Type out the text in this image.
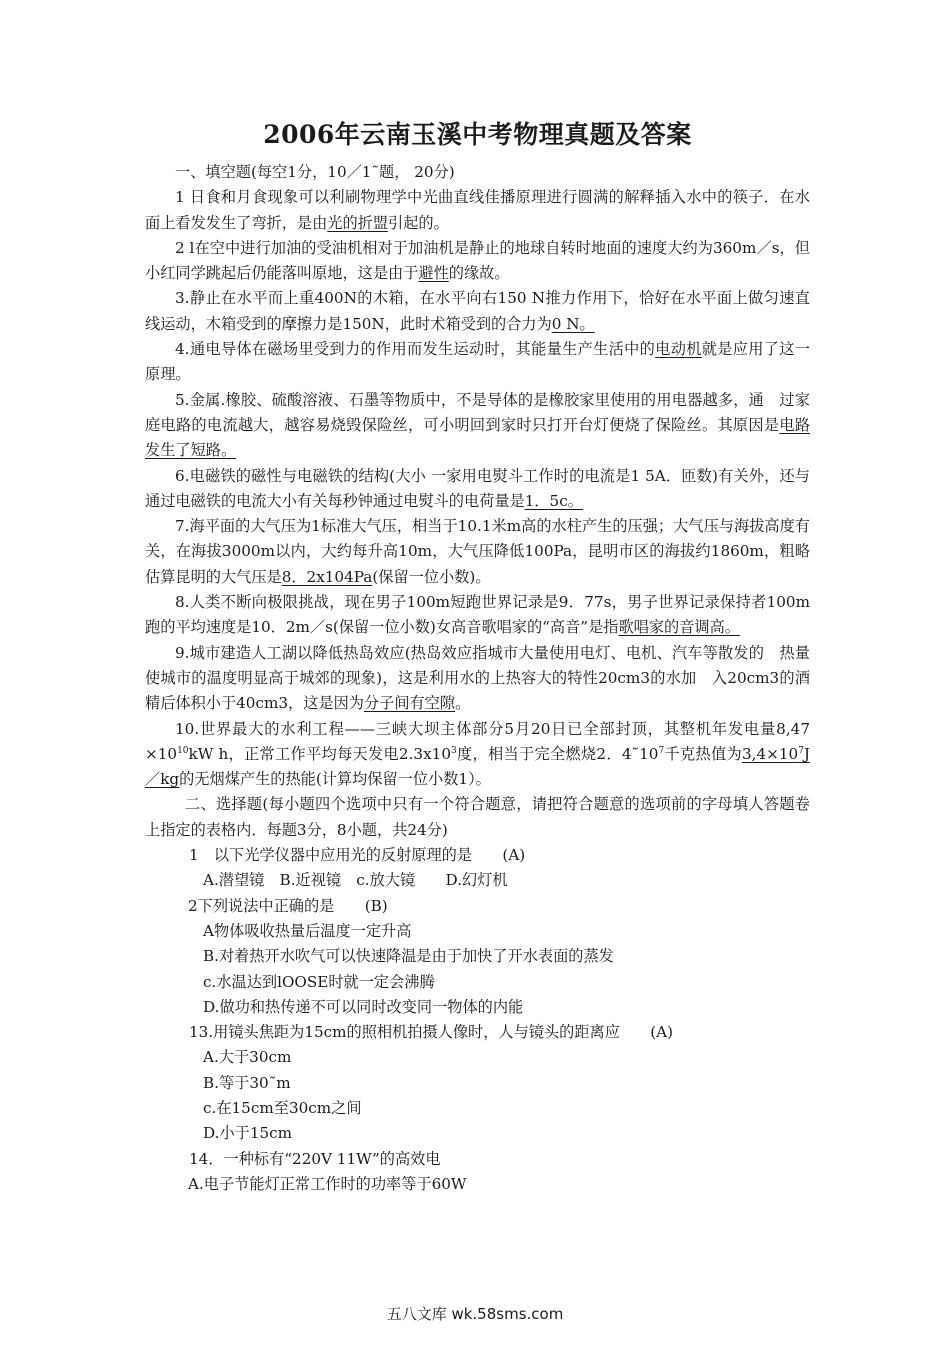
2006年云南玉溪中考物理真题及答案

一、填空题(每空1分，10／1˜题， 20分)

1 日食和月食现象可以利刷物理学中光曲直线佳播原理进行圆满的解释插入水中的筷子．在水面上看发发生了弯折，是由光的折盟引起的。

2 l在空中进行加油的受油机相对于加油机是静止的地球自转时地面的速度大约为360m／s，但小红同学跳起后仍能落叫原地，这是由于避性的缘故。

3.静止在水平而上重400N的木箱，在水平向右150 N推力作用下，恰好在水平面上做匀速直线运动，木箱受到的摩擦力是150N，此时术箱受到的合力为0 N。

4.通电导体在磁场里受到力的作用而发生运动时，其能量生产生活中的电动机就是应用了这一原理。

5.金属.橡胶、硫酸溶液、石墨等物质中，不是导体的是橡胶家里使用的用电器越多，通　过家庭电路的电流越大，越容易烧毁保险丝，可小明回到家时只打开台灯便烧了保险丝。其原因是电路发生了短路。

6.电磁铁的磁性与电磁铁的结构(大小 一家用电熨斗工作时的电流是1 5A．匝数)有关外，还与通过电磁铁的电流大小有关每秒钟通过电熨斗的电荷量是1．5c。

7.海平面的大气压为1标准大气压，相当于10.1米m高的水柱产生的压强；大气压与海拔高度有关，在海拔3000m以内，大约每升高10m，大气压降低100Pa，昆明市区的海拔约1860m，粗略估算昆明的大气压是8．2x104Pa(保留一位小数)。

8.人类不断向极限挑战，现在男子100m短跑世界记录是9．77s，男子世界记录保持者100m 跑的平均速度是10．2m／s(保留一位小数)女高音歌唱家的“高音”是指歌唱家的音调高。

9.城市建造人工湖以降低热岛效应(热岛效应指城市大量使用电灯、电机、汽车等散发的　热量使城市的温度明显高于城郊的现象)，这是利用水的上热容大的特性20cm3的水加　入20cm3的酒精后体积小于40cm3，这是因为分子间有空隙。

10.世界最大的水利工程——三峡大坝主体部分5月20日已全部封顶，其整机年发电量$8,47 \times 10^{10}kW$ h，正常工作平均每天发电$2.3x10^3$度，相当于完全燃烧2．$4˜10^7$千克热值为$3,4\times 10^7J/kg$的无烟煤产生的热能(计算均保留一位小数1）。

二、选择题(每小题四个选项中只有一个符合题意，请把符合题意的选项前的字母填人答题卷上指定的表格内．每题3分，8小题，共24分)

1　以下光学仪器中应用光的反射原理的是　　(A)

A.潜望镜　B.近视镜　c.放大镜　　D.幻灯机

2下列说法中正确的是　　(B)

A物体吸收热量后温度一定升高

B.对着热开水吹气可以快速降温是由于加快了开水表面的蒸发

c.水温达到lOOSE时就一定会沸腾

D.做功和热传递不可以同时改变同一物体的内能

13.用镜头焦距为15cm的照相机拍摄人像时，人与镜头的距离应　　(A)

A.大于30cm

B.等于30˜m

c.在15cm至30cm之间

D.小于15cm

14．一种标有“220V 11W”的高效电

A.电子节能灯正常工作时的功率等于60W

五八文库 wk.58sms.com
